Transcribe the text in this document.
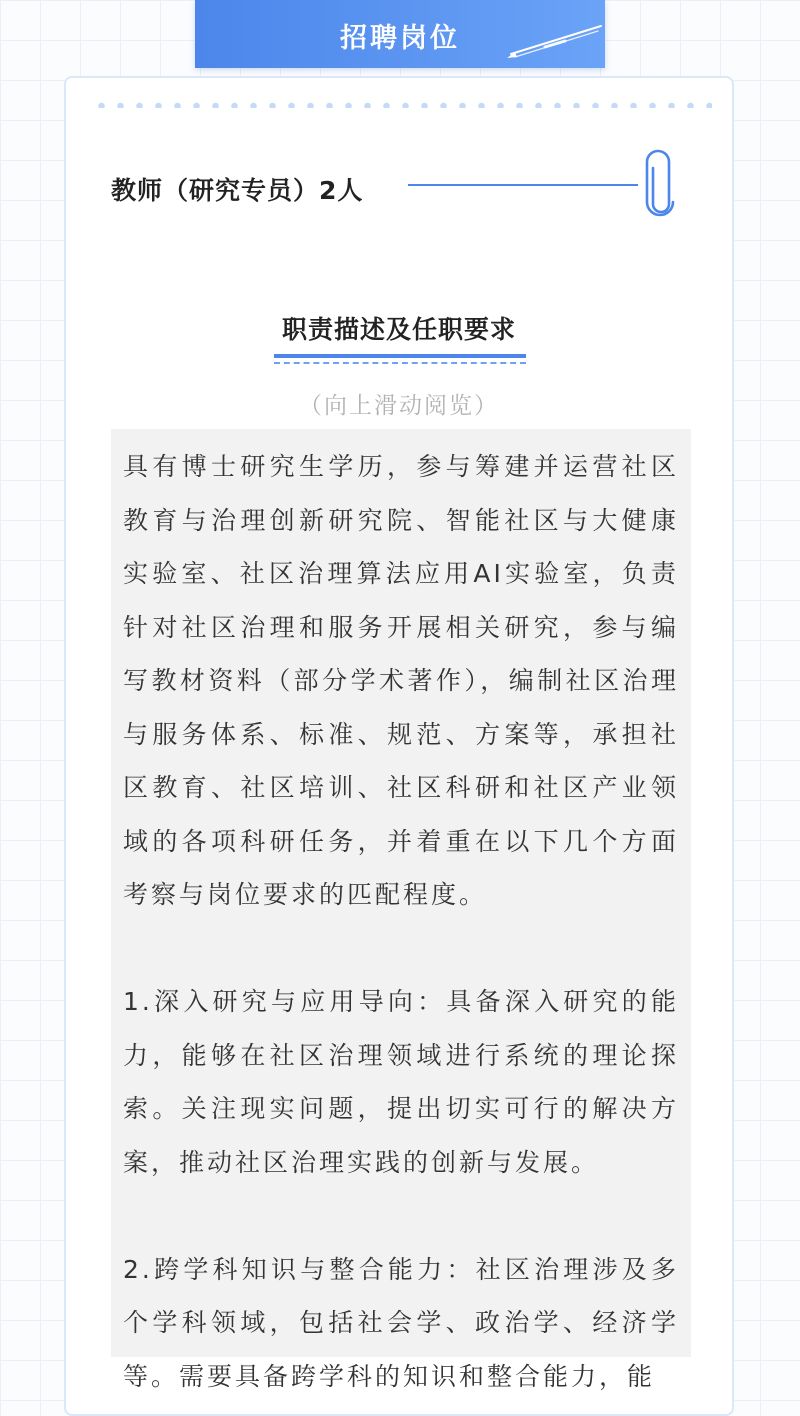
招聘岗位
教师（研究专员）2人
职责描述及任职要求
（向上滑动阅览）

具有博士研究生学历，参与筹建并运营社区教育与治理创新研究院、智能社区与大健康实验室、社区治理算法应用AI实验室，负责针对社区治理和服务开展相关研究，参与编写教材资料（部分学术著作），编制社区治理与服务体系、标准、规范、方案等，承担社区教育、社区培训、社区科研和社区产业领域的各项科研任务，并着重在以下几个方面考察与岗位要求的匹配程度。

1.深入研究与应用导向：具备深入研究的能力，能够在社区治理领域进行系统的理论探索。关注现实问题，提出切实可行的解决方案，推动社区治理实践的创新与发展。

2.跨学科知识与整合能力：社区治理涉及多个学科领域，包括社会学、政治学、经济学等。需要具备跨学科的知识和整合能力，能
